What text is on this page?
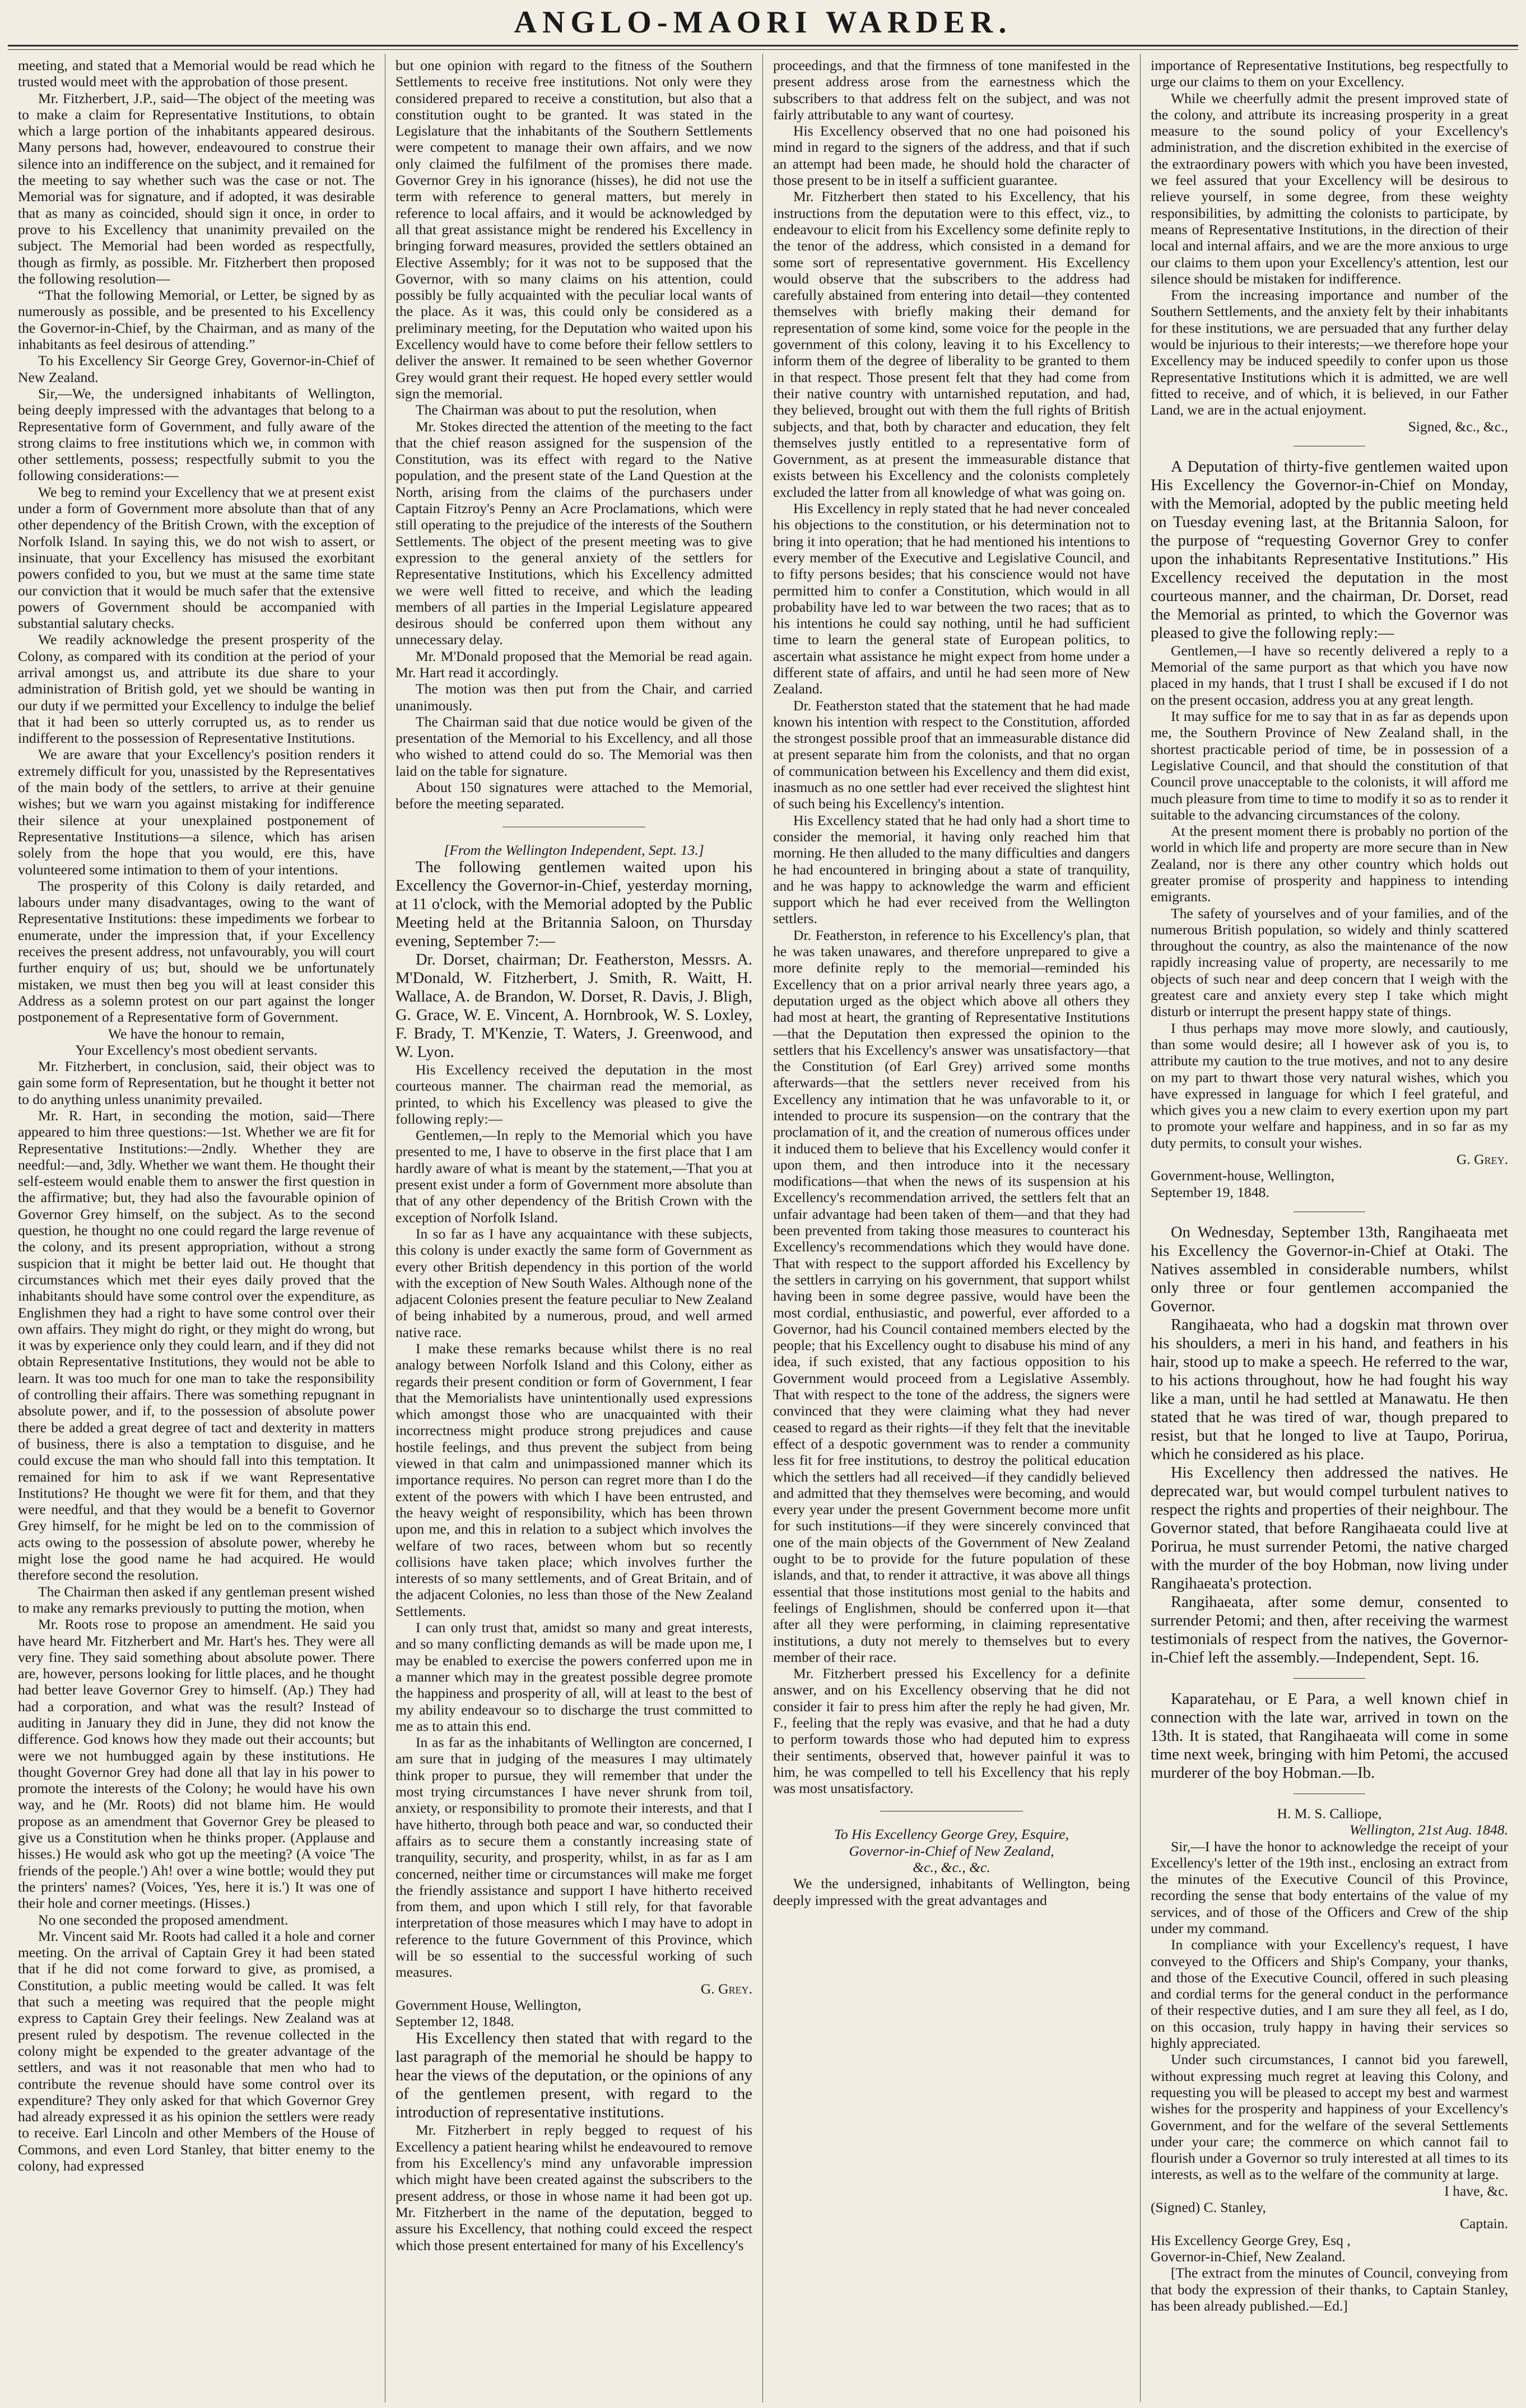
ANGLO-MAORI WARDER.

meeting, and stated that a Memorial would be read which he trusted would meet with the approbation of those present.

Mr. Fitzherbert, J.P., said—The object of the meeting was to make a claim for Representative Institutions, to obtain which a large portion of the inhabitants appeared desirous. Many persons had, however, endeavoured to construe their silence into an indifference on the subject, and it remained for the meeting to say whether such was the case or not. The Memorial was for signature, and if adopted, it was desirable that as many as coincided, should sign it once, in order to prove to his Excellency that unanimity prevailed on the subject. The Memorial had been worded as respectfully, though as firmly, as possible. Mr. Fitzherbert then proposed the following resolution—

“That the following Memorial, or Letter, be signed by as numerously as possible, and be presented to his Excellency the Governor-in-Chief, by the Chairman, and as many of the inhabitants as feel desirous of attending.”

To his Excellency Sir George Grey, Governor-in-Chief of New Zealand.

Sir,—We, the undersigned inhabitants of Wellington, being deeply impressed with the advantages that belong to a Representative form of Government, and fully aware of the strong claims to free institutions which we, in common with other settlements, possess; respectfully submit to you the following considerations:—

We beg to remind your Excellency that we at present exist under a form of Government more absolute than that of any other dependency of the British Crown, with the exception of Norfolk Island. In saying this, we do not wish to assert, or insinuate, that your Excellency has misused the exorbitant powers confided to you, but we must at the same time state our conviction that it would be much safer that the extensive powers of Government should be accompanied with substantial salutary checks.

We readily acknowledge the present prosperity of the Colony, as compared with its condition at the period of your arrival amongst us, and attribute its due share to your administration of British gold, yet we should be wanting in our duty if we permitted your Excellency to indulge the belief that it had been so utterly corrupted us, as to render us indifferent to the possession of Representative Institutions.

We are aware that your Excellency's position renders it extremely difficult for you, unassisted by the Representatives of the main body of the settlers, to arrive at their genuine wishes; but we warn you against mistaking for indifference their silence at your unexplained postponement of Representative Institutions—a silence, which has arisen solely from the hope that you would, ere this, have volunteered some intimation to them of your intentions.

The prosperity of this Colony is daily retarded, and labours under many disadvantages, owing to the want of Representative Institutions: these impediments we forbear to enumerate, under the impression that, if your Excellency receives the present address, not unfavourably, you will court further enquiry of us; but, should we be unfortunately mistaken, we must then beg you will at least consider this Address as a solemn protest on our part against the longer postponement of a Representative form of Government.

We have the honour to remain,

Your Excellency's most obedient servants.

Mr. Fitzherbert, in conclusion, said, their object was to gain some form of Representation, but he thought it better not to do anything unless unanimity prevailed.

Mr. R. Hart, in seconding the motion, said—There appeared to him three questions:—1st. Whether we are fit for Representative Institutions:—2ndly. Whether they are needful:—and, 3dly. Whether we want them. He thought their self-esteem would enable them to answer the first question in the affirmative; but, they had also the favourable opinion of Governor Grey himself, on the subject. As to the second question, he thought no one could regard the large revenue of the colony, and its present appropriation, without a strong suspicion that it might be better laid out. He thought that circumstances which met their eyes daily proved that the inhabitants should have some control over the expenditure, as Englishmen they had a right to have some control over their own affairs. They might do right, or they might do wrong, but it was by experience only they could learn, and if they did not obtain Representative Institutions, they would not be able to learn. It was too much for one man to take the responsibility of controlling their affairs. There was something repugnant in absolute power, and if, to the possession of absolute power there be added a great degree of tact and dexterity in matters of business, there is also a temptation to disguise, and he could excuse the man who should fall into this temptation. It remained for him to ask if we want Representative Institutions? He thought we were fit for them, and that they were needful, and that they would be a benefit to Governor Grey himself, for he might be led on to the commission of acts owing to the possession of absolute power, whereby he might lose the good name he had acquired. He would therefore second the resolution.

The Chairman then asked if any gentleman present wished to make any remarks previously to putting the motion, when

Mr. Roots rose to propose an amendment. He said you have heard Mr. Fitzherbert and Mr. Hart's hes. They were all very fine. They said something about absolute power. There are, however, persons looking for little places, and he thought had better leave Governor Grey to himself. (Ap.) They had had a corporation, and what was the result? Instead of auditing in January they did in June, they did not know the difference. God knows how they made out their accounts; but were we not humbugged again by these institutions. He thought Governor Grey had done all that lay in his power to promote the interests of the Colony; he would have his own way, and he (Mr. Roots) did not blame him. He would propose as an amendment that Governor Grey be pleased to give us a Constitution when he thinks proper. (Applause and hisses.) He would ask who got up the meeting? (A voice 'The friends of the people.') Ah! over a wine bottle; would they put the printers' names? (Voices, 'Yes, here it is.') It was one of their hole and corner meetings. (Hisses.)

No one seconded the proposed amendment.

Mr. Vincent said Mr. Roots had called it a hole and corner meeting. On the arrival of Captain Grey it had been stated that if he did not come forward to give, as promised, a Constitution, a public meeting would be called. It was felt that such a meeting was required that the people might express to Captain Grey their feelings. New Zealand was at present ruled by despotism. The revenue collected in the colony might be expended to the greater advantage of the settlers, and was it not reasonable that men who had to contribute the revenue should have some control over its expenditure? They only asked for that which Governor Grey had already expressed it as his opinion the settlers were ready to receive. Earl Lincoln and other Members of the House of Commons, and even Lord Stanley, that bitter enemy to the colony, had expressed

but one opinion with regard to the fitness of the Southern Settlements to receive free institutions. Not only were they considered prepared to receive a constitution, but also that a constitution ought to be granted. It was stated in the Legislature that the inhabitants of the Southern Settlements were competent to manage their own affairs, and we now only claimed the fulfilment of the promises there made. Governor Grey in his ignorance (hisses), he did not use the term with reference to general matters, but merely in reference to local affairs, and it would be acknowledged by all that great assistance might be rendered his Excellency in bringing forward measures, provided the settlers obtained an Elective Assembly; for it was not to be supposed that the Governor, with so many claims on his attention, could possibly be fully acquainted with the peculiar local wants of the place. As it was, this could only be considered as a preliminary meeting, for the Deputation who waited upon his Excellency would have to come before their fellow settlers to deliver the answer. It remained to be seen whether Governor Grey would grant their request. He hoped every settler would sign the memorial.

The Chairman was about to put the resolution, when

Mr. Stokes directed the attention of the meeting to the fact that the chief reason assigned for the suspension of the Constitution, was its effect with regard to the Native population, and the present state of the Land Question at the North, arising from the claims of the purchasers under Captain Fitzroy's Penny an Acre Proclamations, which were still operating to the prejudice of the interests of the Southern Settlements. The object of the present meeting was to give expression to the general anxiety of the settlers for Representative Institutions, which his Excellency admitted we were well fitted to receive, and which the leading members of all parties in the Imperial Legislature appeared desirous should be conferred upon them without any unnecessary delay.

Mr. M'Donald proposed that the Memorial be read again. Mr. Hart read it accordingly.

The motion was then put from the Chair, and carried unanimously.

The Chairman said that due notice would be given of the presentation of the Memorial to his Excellency, and all those who wished to attend could do so. The Memorial was then laid on the table for signature.

About 150 signatures were attached to the Memorial, before the meeting separated.

[From the Wellington Independent, Sept. 13.]

The following gentlemen waited upon his Excellency the Governor-in-Chief, yesterday morning, at 11 o'clock, with the Memorial adopted by the Public Meeting held at the Britannia Saloon, on Thursday evening, September 7:—

Dr. Dorset, chairman; Dr. Featherston, Messrs. A. M'Donald, W. Fitzherbert, J. Smith, R. Waitt, H. Wallace, A. de Brandon, W. Dorset, R. Davis, J. Bligh, G. Grace, W. E. Vincent, A. Hornbrook, W. S. Loxley, F. Brady, T. M'Kenzie, T. Waters, J. Greenwood, and W. Lyon.

His Excellency received the deputation in the most courteous manner. The chairman read the memorial, as printed, to which his Excellency was pleased to give the following reply:—

Gentlemen,—In reply to the Memorial which you have presented to me, I have to observe in the first place that I am hardly aware of what is meant by the statement,—That you at present exist under a form of Government more absolute than that of any other dependency of the British Crown with the exception of Norfolk Island.

In so far as I have any acquaintance with these subjects, this colony is under exactly the same form of Government as every other British dependency in this portion of the world with the exception of New South Wales. Although none of the adjacent Colonies present the feature peculiar to New Zealand of being inhabited by a numerous, proud, and well armed native race.

I make these remarks because whilst there is no real analogy between Norfolk Island and this Colony, either as regards their present condition or form of Government, I fear that the Memorialists have unintentionally used expressions which amongst those who are unacquainted with their incorrectness might produce strong prejudices and cause hostile feelings, and thus prevent the subject from being viewed in that calm and unimpassioned manner which its importance requires. No person can regret more than I do the extent of the powers with which I have been entrusted, and the heavy weight of responsibility, which has been thrown upon me, and this in relation to a subject which involves the welfare of two races, between whom but so recently collisions have taken place; which involves further the interests of so many settlements, and of Great Britain, and of the adjacent Colonies, no less than those of the New Zealand Settlements.

I can only trust that, amidst so many and great interests, and so many conflicting demands as will be made upon me, I may be enabled to exercise the powers conferred upon me in a manner which may in the greatest possible degree promote the happiness and prosperity of all, will at least to the best of my ability endeavour so to discharge the trust committed to me as to attain this end.

In as far as the inhabitants of Wellington are concerned, I am sure that in judging of the measures I may ultimately think proper to pursue, they will remember that under the most trying circumstances I have never shrunk from toil, anxiety, or responsibility to promote their interests, and that I have hitherto, through both peace and war, so conducted their affairs as to secure them a constantly increasing state of tranquility, security, and prosperity, whilst, in as far as I am concerned, neither time or circumstances will make me forget the friendly assistance and support I have hitherto received from them, and upon which I still rely, for that favorable interpretation of those measures which I may have to adopt in reference to the future Government of this Province, which will be so essential to the successful working of such measures.

G. Grey.

Government House, Wellington,

September 12, 1848.

His Excellency then stated that with regard to the last paragraph of the memorial he should be happy to hear the views of the deputation, or the opinions of any of the gentlemen present, with regard to the introduction of representative institutions.

Mr. Fitzherbert in reply begged to request of his Excellency a patient hearing whilst he endeavoured to remove from his Excellency's mind any unfavorable impression which might have been created against the subscribers to the present address, or those in whose name it had been got up. Mr. Fitzherbert in the name of the deputation, begged to assure his Excellency, that nothing could exceed the respect which those present entertained for many of his Excellency's

proceedings, and that the firmness of tone manifested in the present address arose from the earnestness which the subscribers to that address felt on the subject, and was not fairly attributable to any want of courtesy.

His Excellency observed that no one had poisoned his mind in regard to the signers of the address, and that if such an attempt had been made, he should hold the character of those present to be in itself a sufficient guarantee.

Mr. Fitzherbert then stated to his Excellency, that his instructions from the deputation were to this effect, viz., to endeavour to elicit from his Excellency some definite reply to the tenor of the address, which consisted in a demand for some sort of representative government. His Excellency would observe that the subscribers to the address had carefully abstained from entering into detail—they contented themselves with briefly making their demand for representation of some kind, some voice for the people in the government of this colony, leaving it to his Excellency to inform them of the degree of liberality to be granted to them in that respect. Those present felt that they had come from their native country with untarnished reputation, and had, they believed, brought out with them the full rights of British subjects, and that, both by character and education, they felt themselves justly entitled to a representative form of Government, as at present the immeasurable distance that exists between his Excellency and the colonists completely excluded the latter from all knowledge of what was going on.

His Excellency in reply stated that he had never concealed his objections to the constitution, or his determination not to bring it into operation; that he had mentioned his intentions to every member of the Executive and Legislative Council, and to fifty persons besides; that his conscience would not have permitted him to confer a Constitution, which would in all probability have led to war between the two races; that as to his intentions he could say nothing, until he had sufficient time to learn the general state of European politics, to ascertain what assistance he might expect from home under a different state of affairs, and until he had seen more of New Zealand.

Dr. Featherston stated that the statement that he had made known his intention with respect to the Constitution, afforded the strongest possible proof that an immeasurable distance did at present separate him from the colonists, and that no organ of communication between his Excellency and them did exist, inasmuch as no one settler had ever received the slightest hint of such being his Excellency's intention.

His Excellency stated that he had only had a short time to consider the memorial, it having only reached him that morning. He then alluded to the many difficulties and dangers he had encountered in bringing about a state of tranquility, and he was happy to acknowledge the warm and efficient support which he had ever received from the Wellington settlers.

Dr. Featherston, in reference to his Excellency's plan, that he was taken unawares, and therefore unprepared to give a more definite reply to the memorial—reminded his Excellency that on a prior arrival nearly three years ago, a deputation urged as the object which above all others they had most at heart, the granting of Representative Institutions—that the Deputation then expressed the opinion to the settlers that his Excellency's answer was unsatisfactory—that the Constitution (of Earl Grey) arrived some months afterwards—that the settlers never received from his Excellency any intimation that he was unfavorable to it, or intended to procure its suspension—on the contrary that the proclamation of it, and the creation of numerous offices under it induced them to believe that his Excellency would confer it upon them, and then introduce into it the necessary modifications—that when the news of its suspension at his Excellency's recommendation arrived, the settlers felt that an unfair advantage had been taken of them—and that they had been prevented from taking those measures to counteract his Excellency's recommendations which they would have done. That with respect to the support afforded his Excellency by the settlers in carrying on his government, that support whilst having been in some degree passive, would have been the most cordial, enthusiastic, and powerful, ever afforded to a Governor, had his Council contained members elected by the people; that his Excellency ought to disabuse his mind of any idea, if such existed, that any factious opposition to his Government would proceed from a Legislative Assembly. That with respect to the tone of the address, the signers were convinced that they were claiming what they had never ceased to regard as their rights—if they felt that the inevitable effect of a despotic government was to render a community less fit for free institutions, to destroy the political education which the settlers had all received—if they candidly believed and admitted that they themselves were becoming, and would every year under the present Government become more unfit for such institutions—if they were sincerely convinced that one of the main objects of the Government of New Zealand ought to be to provide for the future population of these islands, and that, to render it attractive, it was above all things essential that those institutions most genial to the habits and feelings of Englishmen, should be conferred upon it—that after all they were performing, in claiming representative institutions, a duty not merely to themselves but to every member of their race.

Mr. Fitzherbert pressed his Excellency for a definite answer, and on his Excellency observing that he did not consider it fair to press him after the reply he had given, Mr. F., feeling that the reply was evasive, and that he had a duty to perform towards those who had deputed him to express their sentiments, observed that, however painful it was to him, he was compelled to tell his Excellency that his reply was most unsatisfactory.

To His Excellency George Grey, Esquire,

Governor-in-Chief of New Zealand,

&c., &c., &c.

We the undersigned, inhabitants of Wellington, being deeply impressed with the great advantages and

importance of Representative Institutions, beg respectfully to urge our claims to them on your Excellency.

While we cheerfully admit the present improved state of the colony, and attribute its increasing prosperity in a great measure to the sound policy of your Excellency's administration, and the discretion exhibited in the exercise of the extraordinary powers with which you have been invested, we feel assured that your Excellency will be desirous to relieve yourself, in some degree, from these weighty responsibilities, by admitting the colonists to participate, by means of Representative Institutions, in the direction of their local and internal affairs, and we are the more anxious to urge our claims to them upon your Excellency's attention, lest our silence should be mistaken for indifference.

From the increasing importance and number of the Southern Settlements, and the anxiety felt by their inhabitants for these institutions, we are persuaded that any further delay would be injurious to their interests;—we therefore hope your Excellency may be induced speedily to confer upon us those Representative Institutions which it is admitted, we are well fitted to receive, and of which, it is believed, in our Father Land, we are in the actual enjoyment.

Signed, &c., &c.,

A Deputation of thirty-five gentlemen waited upon His Excellency the Governor-in-Chief on Monday, with the Memorial, adopted by the public meeting held on Tuesday evening last, at the Britannia Saloon, for the purpose of “requesting Governor Grey to confer upon the inhabitants Representative Institutions.” His Excellency received the deputation in the most courteous manner, and the chairman, Dr. Dorset, read the Memorial as printed, to which the Governor was pleased to give the following reply:—

Gentlemen,—I have so recently delivered a reply to a Memorial of the same purport as that which you have now placed in my hands, that I trust I shall be excused if I do not on the present occasion, address you at any great length.

It may suffice for me to say that in as far as depends upon me, the Southern Province of New Zealand shall, in the shortest practicable period of time, be in possession of a Legislative Council, and that should the constitution of that Council prove unacceptable to the colonists, it will afford me much pleasure from time to time to modify it so as to render it suitable to the advancing circumstances of the colony.

At the present moment there is probably no portion of the world in which life and property are more secure than in New Zealand, nor is there any other country which holds out greater promise of prosperity and happiness to intending emigrants.

The safety of yourselves and of your families, and of the numerous British population, so widely and thinly scattered throughout the country, as also the maintenance of the now rapidly increasing value of property, are necessarily to me objects of such near and deep concern that I weigh with the greatest care and anxiety every step I take which might disturb or interrupt the present happy state of things.

I thus perhaps may move more slowly, and cautiously, than some would desire; all I however ask of you is, to attribute my caution to the true motives, and not to any desire on my part to thwart those very natural wishes, which you have expressed in language for which I feel grateful, and which gives you a new claim to every exertion upon my part to promote your welfare and happiness, and in so far as my duty permits, to consult your wishes.

G. Grey.

Government-house, Wellington,

September 19, 1848.

On Wednesday, September 13th, Rangihaeata met his Excellency the Governor-in-Chief at Otaki. The Natives assembled in considerable numbers, whilst only three or four gentlemen accompanied the Governor.

Rangihaeata, who had a dogskin mat thrown over his shoulders, a meri in his hand, and feathers in his hair, stood up to make a speech. He referred to the war, to his actions throughout, how he had fought his way like a man, until he had settled at Manawatu. He then stated that he was tired of war, though prepared to resist, but that he longed to live at Taupo, Porirua, which he considered as his place.

His Excellency then addressed the natives. He deprecated war, but would compel turbulent natives to respect the rights and properties of their neighbour. The Governor stated, that before Rangihaeata could live at Porirua, he must surrender Petomi, the native charged with the murder of the boy Hobman, now living under Rangihaeata's protection.

Rangihaeata, after some demur, consented to surrender Petomi; and then, after receiving the warmest testimonials of respect from the natives, the Governor-in-Chief left the assembly.—Independent, Sept. 16.

Kaparatehau, or E Para, a well known chief in connection with the late war, arrived in town on the 13th. It is stated, that Rangihaeata will come in some time next week, bringing with him Petomi, the accused murderer of the boy Hobman.—Ib.

H. M. S. Calliope,

Wellington, 21st Aug. 1848.

Sir,—I have the honor to acknowledge the receipt of your Excellency's letter of the 19th inst., enclosing an extract from the minutes of the Executive Council of this Province, recording the sense that body entertains of the value of my services, and of those of the Officers and Crew of the ship under my command.

In compliance with your Excellency's request, I have conveyed to the Officers and Ship's Company, your thanks, and those of the Executive Council, offered in such pleasing and cordial terms for the general conduct in the performance of their respective duties, and I am sure they all feel, as I do, on this occasion, truly happy in having their services so highly appreciated.

Under such circumstances, I cannot bid you farewell, without expressing much regret at leaving this Colony, and requesting you will be pleased to accept my best and warmest wishes for the prosperity and happiness of your Excellency's Government, and for the welfare of the several Settlements under your care; the commerce on which cannot fail to flourish under a Governor so truly interested at all times to its interests, as well as to the welfare of the community at large.

I have, &c.

(Signed) C. Stanley,

Captain.

His Excellency George Grey, Esq ,

Governor-in-Chief, New Zealand.

[The extract from the minutes of Council, conveying from that body the expression of their thanks, to Captain Stanley, has been already published.—Ed.]
